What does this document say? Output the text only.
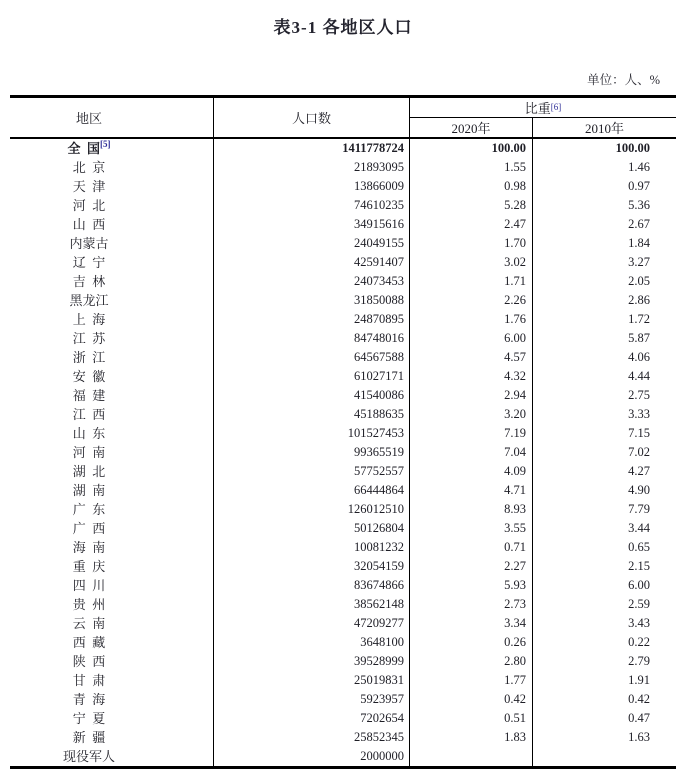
表3-1 各地区人口
单位：人、%
地区	人口数
比重[6]
2020年	2010年
全 国[5]	1411778724	100.00	100.00
北 京	21893095	1.55	1.46
天 津	13866009	0.98	0.97
河 北	74610235	5.28	5.36
山 西	34915616	2.47	2.67
内蒙古	24049155	1.70	1.84
辽 宁	42591407	3.02	3.27
吉 林	24073453	1.71	2.05
黑龙江	31850088	2.26	2.86
上 海	24870895	1.76	1.72
江 苏	84748016	6.00	5.87
浙 江	64567588	4.57	4.06
安 徽	61027171	4.32	4.44
福 建	41540086	2.94	2.75
江 西	45188635	3.20	3.33
山 东	101527453	7.19	7.15
河 南	99365519	7.04	7.02
湖 北	57752557	4.09	4.27
湖 南	66444864	4.71	4.90
广 东	126012510	8.93	7.79
广 西	50126804	3.55	3.44
海 南	10081232	0.71	0.65
重 庆	32054159	2.27	2.15
四 川	83674866	5.93	6.00
贵 州	38562148	2.73	2.59
云 南	47209277	3.34	3.43
西 藏	3648100	0.26	0.22
陕 西	39528999	2.80	2.79
甘 肃	25019831	1.77	1.91
青 海	5923957	0.42	0.42
宁 夏	7202654	0.51	0.47
新 疆	25852345	1.83	1.63
现役军人	2000000
